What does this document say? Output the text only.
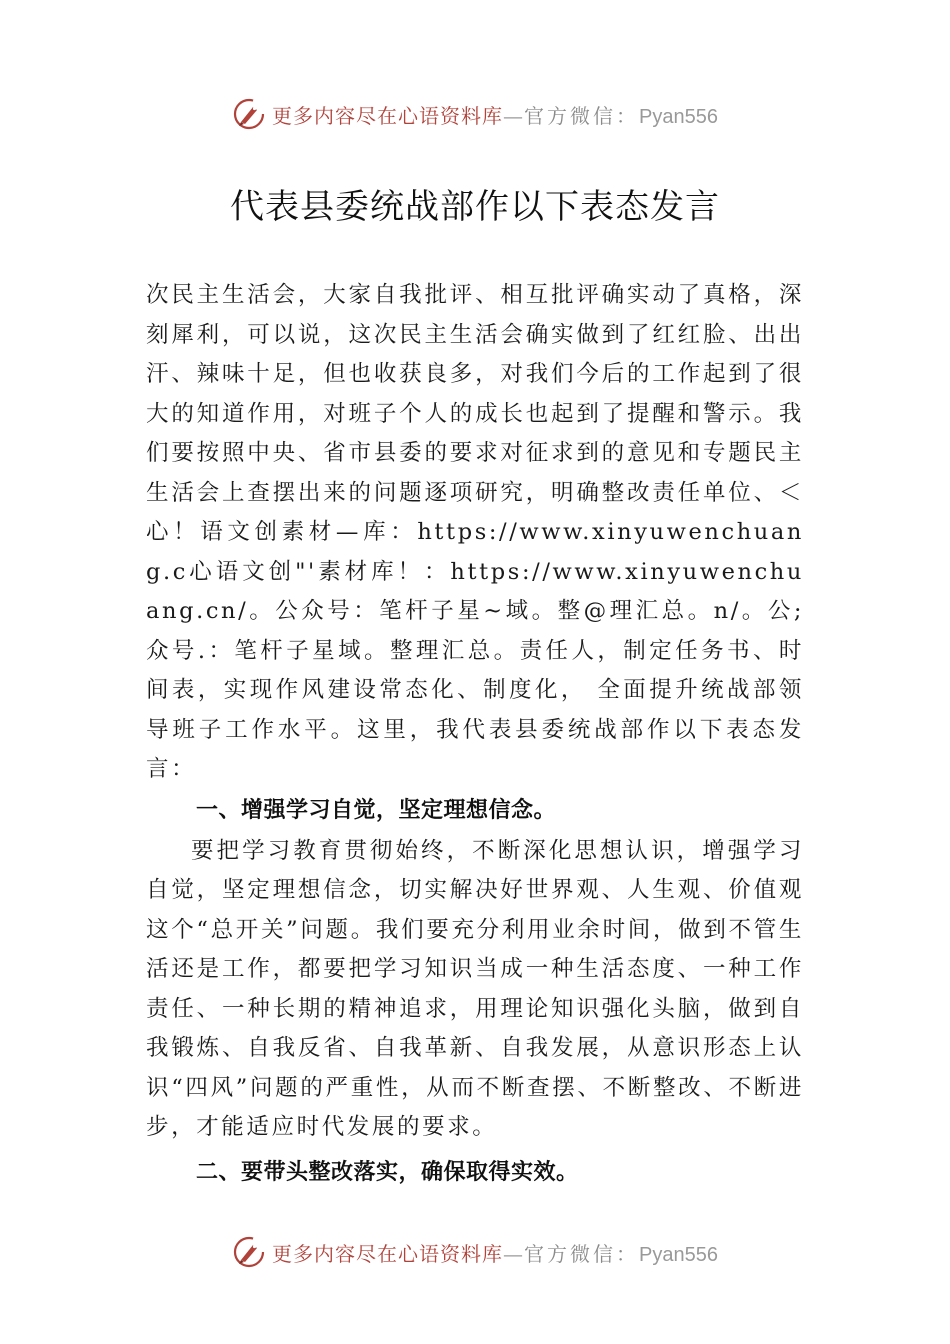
更多内容尽在心语资料库—官方微信：Pyan556
代表县委统战部作以下表态发言

次民主生活会，大家自我批评、相互批评确实动了真格，深刻犀利，可以说，这次民主生活会确实做到了红红脸、出出汗、辣味十足，但也收获良多，对我们今后的工作起到了很大的知道作用，对班子个人的成长也起到了提醒和警示。我们要按照中央、省市县委的要求对征求到的意见和专题民主生活会上查摆出来的问题逐项研究，明确整改责任单位、＜心！语文创素材—库：https://www.xinyuwenchuang.c心语文创"'素材库！：https://www.xinyuwenchuang.cn/。公众号：笔杆子星~域。整@理汇总。n/。公;众号.：笔杆子星域。整理汇总。责任人，制定任务书、时间表，实现作风建设常态化、制度化， 全面提升统战部领导班子工作水平。这里，我代表县委统战部作以下表态发言：

一、增强学习自觉，坚定理想信念。

要把学习教育贯彻始终，不断深化思想认识，增强学习自觉，坚定理想信念，切实解决好世界观、人生观、价值观这个“总开关”问题。我们要充分利用业余时间，做到不管生活还是工作，都要把学习知识当成一种生活态度、一种工作责任、一种长期的精神追求，用理论知识强化头脑，做到自我锻炼、自我反省、自我革新、自我发展，从意识形态上认识“四风”问题的严重性，从而不断查摆、不断整改、不断进步，才能适应时代发展的要求。

二、要带头整改落实，确保取得实效。

更多内容尽在心语资料库—官方微信：Pyan556
